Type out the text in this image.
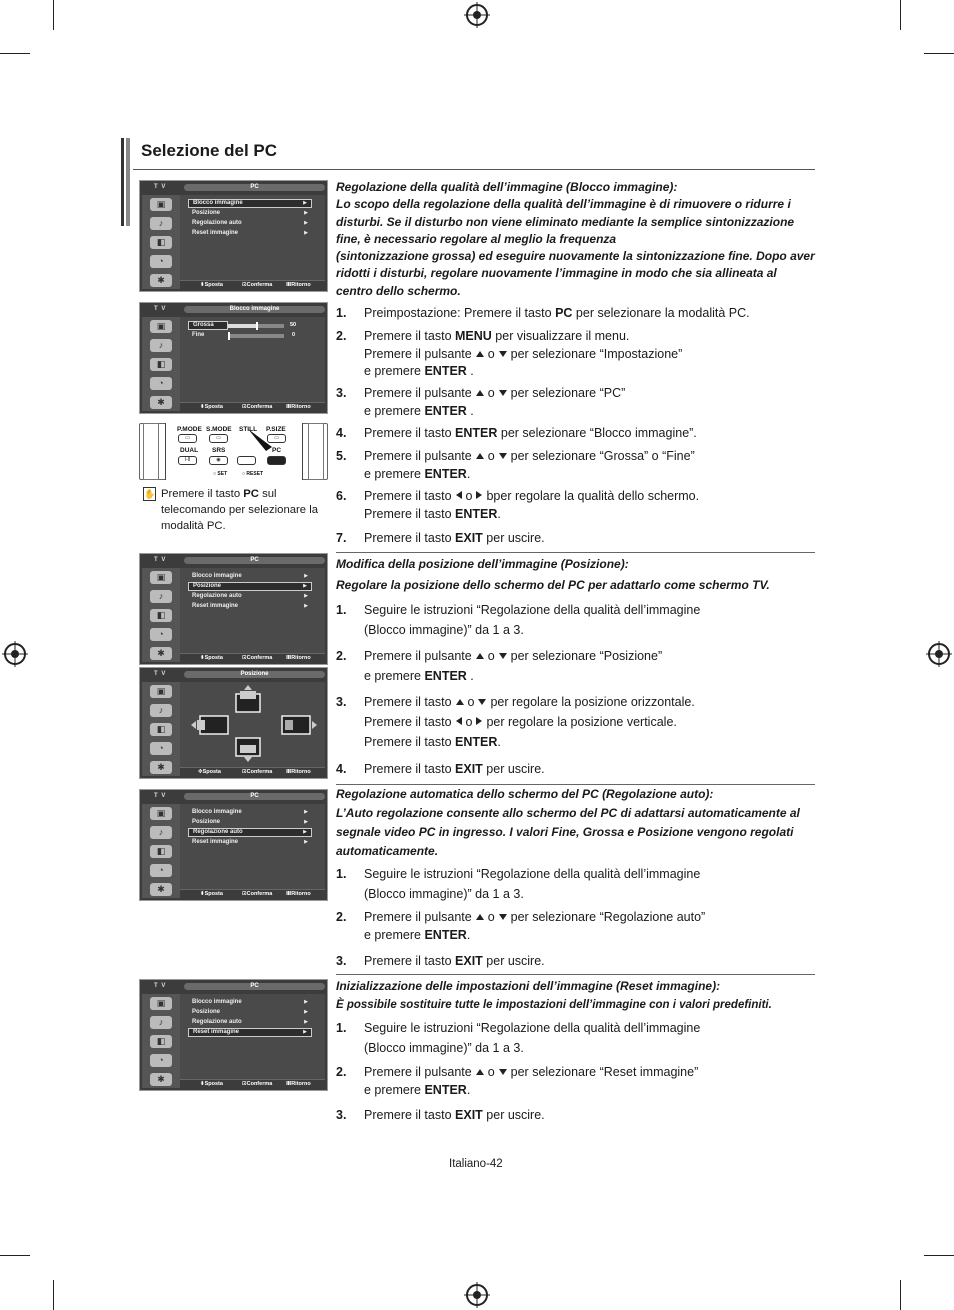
Selezione del PC
T V	PC
▣
♪
◧
◔
✱
Blocco immagine	▶
Posizione	▶
Regolazione auto	▶
Reset immagine	▶
⬍ Sposta	⊡ Conferma Ⅲ Ritorno
T V	Blocco immagine
▣
♪
◧
◔
✱
Grossa	50
Fine	0
⬍ Sposta	⊡ Conferma Ⅲ Ritorno
P.MODE S.MODE STILL P.SIZE
▭	▭	▭
DUAL SRS	PC
I-II	◉
○ SET	○ RESET
✋ Premere il tasto PC sul telecomando per selezionare la modalità PC.
T V	PC
▣
♪
◧
◔
✱
Blocco immagine	▶
Posizione	▶
Regolazione auto	▶
Reset immagine	▶
⬍ Sposta	⊡ Conferma Ⅲ Ritorno
T V	Posizione
▣
♪
◧
◔
✱	✥ Sposta	⊡ Conferma Ⅲ Ritorno
T V	PC
▣
♪
◧
◔
✱
Blocco immagine	▶
Posizione	▶
Regolazione auto	▶
Reset immagine	▶
⬍ Sposta	⊡ Conferma Ⅲ Ritorno
T V	PC
▣
♪
◧
◔
✱
Blocco immagine	▶
Posizione	▶
Regolazione auto	▶
Reset immagine	▶
⬍ Sposta	⊡ Conferma Ⅲ Ritorno
Regolazione della qualità dell’immagine (Blocco immagine):
Lo scopo della regolazione della qualità dell’immagine è di rimuovere o ridurre i disturbi. Se il disturbo non viene eliminato mediante la semplice sintonizzazione fine, è necessario regolare al meglio la frequenza
(sintonizzazione grossa) ed eseguire nuovamente la sintonizzazione fine. Dopo aver ridotti i disturbi, regolare nuovamente l’immagine in modo che sia allineata al centro dello schermo.
1. Preimpostazione: Premere il tasto PC per selezionare la modalità PC.
2. Premere il tasto MENU per visualizzare il menu.
Premere il pulsante o per selezionare “Impostazione”
e premere ENTER .
3. Premere il pulsante o per selezionare “PC”
e premere ENTER .
4. Premere il tasto ENTER per selezionare “Blocco immagine”.
5. Premere il pulsante o per selezionare “Grossa” o “Fine”
e premere ENTER.
6. Premere il tasto o bper regolare la qualità dello schermo.
Premere il tasto ENTER.
7. Premere il tasto EXIT per uscire.
Modifica della posizione dell’immagine (Posizione):
Regolare la posizione dello schermo del PC per adattarlo come schermo TV.
1. Seguire le istruzioni “Regolazione della qualità dell’immagine
(Blocco immagine)” da 1 a 3.
2. Premere il pulsante o per selezionare “Posizione”
e premere ENTER .
3. Premere il tasto o per regolare la posizione orizzontale.
Premere il tasto o per regolare la posizione verticale.
Premere il tasto ENTER.
4. Premere il tasto EXIT per uscire.
Regolazione automatica dello schermo del PC (Regolazione auto):
L’Auto regolazione consente allo schermo del PC di adattarsi automaticamente al segnale video PC in ingresso. I valori Fine, Grossa e Posizione vengono regolati automaticamente.
1. Seguire le istruzioni “Regolazione della qualità dell’immagine
(Blocco immagine)” da 1 a 3.
2. Premere il pulsante o per selezionare “Regolazione auto”
e premere ENTER.
3. Premere il tasto EXIT per uscire.
Inizializzazione delle impostazioni dell’immagine (Reset immagine):
È possibile sostituire tutte le impostazioni dell’immagine con i valori predefiniti.
1. Seguire le istruzioni “Regolazione della qualità dell’immagine
(Blocco immagine)” da 1 a 3.
2. Premere il pulsante o per selezionare “Reset immagine”
e premere ENTER.
3. Premere il tasto EXIT per uscire.
Italiano-42
